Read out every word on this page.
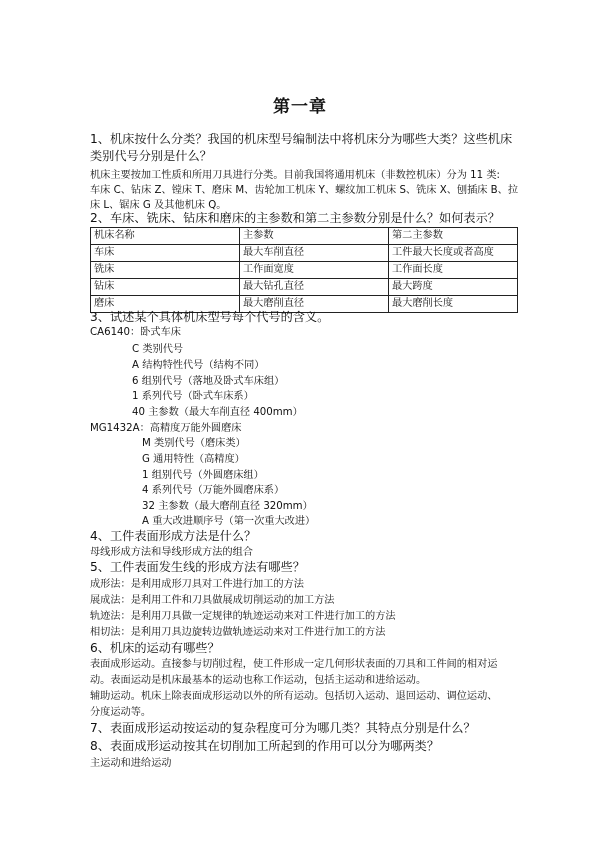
第一章
1、机床按什么分类？我国的机床型号编制法中将机床分为哪些大类？这些机床类别代号分别是什么？
机床主要按加工性质和所用刀具进行分类。目前我国将通用机床（非数控机床）分为 11 类:
车床 C、钻床 Z、镗床 T、磨床 M、齿轮加工机床 Y、螺纹加工机床 S、铣床 X、刨插床 B、拉
床 L、锯床 G 及其他机床 Q。
2、车床、铣床、钻床和磨床的主参数和第二主参数分别是什么？如何表示？
机床名称	主参数	第二主参数
车床	最大车削直径	工件最大长度或者高度
铣床	工作面宽度	工作面长度
钻床	最大钻孔直径	最大跨度
磨床	最大磨削直径	最大磨削长度
3、试述某个具体机床型号每个代号的含义。
CA6140：卧式车床
C 类别代号
A 结构特性代号（结构不同）
6 组别代号（落地及卧式车床组）
1 系列代号（卧式车床系）
40 主参数（最大车削直径 400mm）
MG1432A：高精度万能外圆磨床
M 类别代号（磨床类）
G 通用特性（高精度）
1 组别代号（外圆磨床组）
4 系列代号（万能外圆磨床系）
32 主参数（最大磨削直径 320mm）
A 重大改进顺序号（第一次重大改进）
4、工件表面形成方法是什么？
母线形成方法和导线形成方法的组合
5、工件表面发生线的形成方法有哪些？
成形法：是利用成形刀具对工件进行加工的方法
展成法：是利用工件和刀具做展成切削运动的加工方法
轨迹法：是利用刀具做一定规律的轨迹运动来对工件进行加工的方法
相切法：是利用刀具边旋转边做轨迹运动来对工件进行加工的方法
6、机床的运动有哪些？
表面成形运动。直接参与切削过程，使工件形成一定几何形状表面的刀具和工件间的相对运
动。表面运动是机床最基本的运动也称工作运动，包括主运动和进给运动。
辅助运动。机床上除表面成形运动以外的所有运动。包括切入运动、退回运动、调位运动、
分度运动等。
7、表面成形运动按运动的复杂程度可分为哪几类？其特点分别是什么？
8、表面成形运动按其在切削加工所起到的作用可以分为哪两类？
主运动和进给运动
